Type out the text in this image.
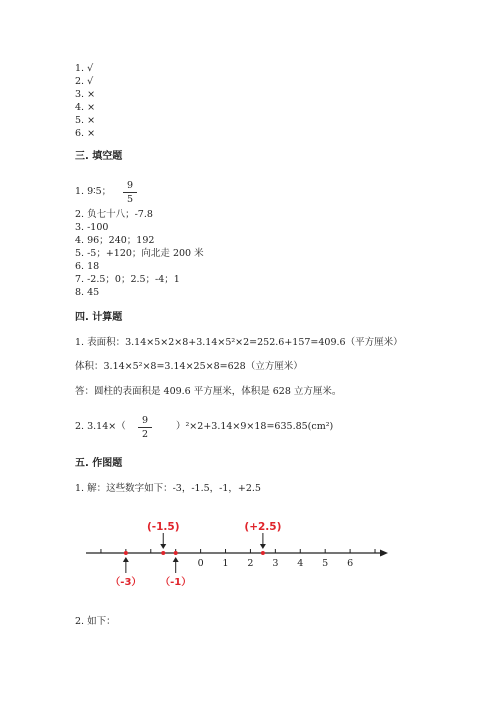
1. √
2. √
3. ×
4. ×
5. ×
6. ×
三. 填空题
1. 9∶5；
9
5
2. 负七十八；-7.8
3. -100
4. 96；240；192
5. -5；+120；向北走 200 米
6. 18
7. -2.5；0；2.5；-4；1
8. 45
四. 计算题
1. 表面积：3.14×5×2×8+3.14×5²×2=252.6+157=409.6（平方厘米）
体积：3.14×5²×8=3.14×25×8=628（立方厘米）
答：圆柱的表面积是 409.6 平方厘米，体积是 628 立方厘米。
2. 3.14×（
9
2
）²×2+3.14×9×18=635.85(cm²)
五. 作图题
1. 解：这些数字如下：-3，-1.5，-1，+2.5
0 1 2 3 4 5 6
（-3）
(-1.5)
（-1）
(+2.5)
2. 如下：
